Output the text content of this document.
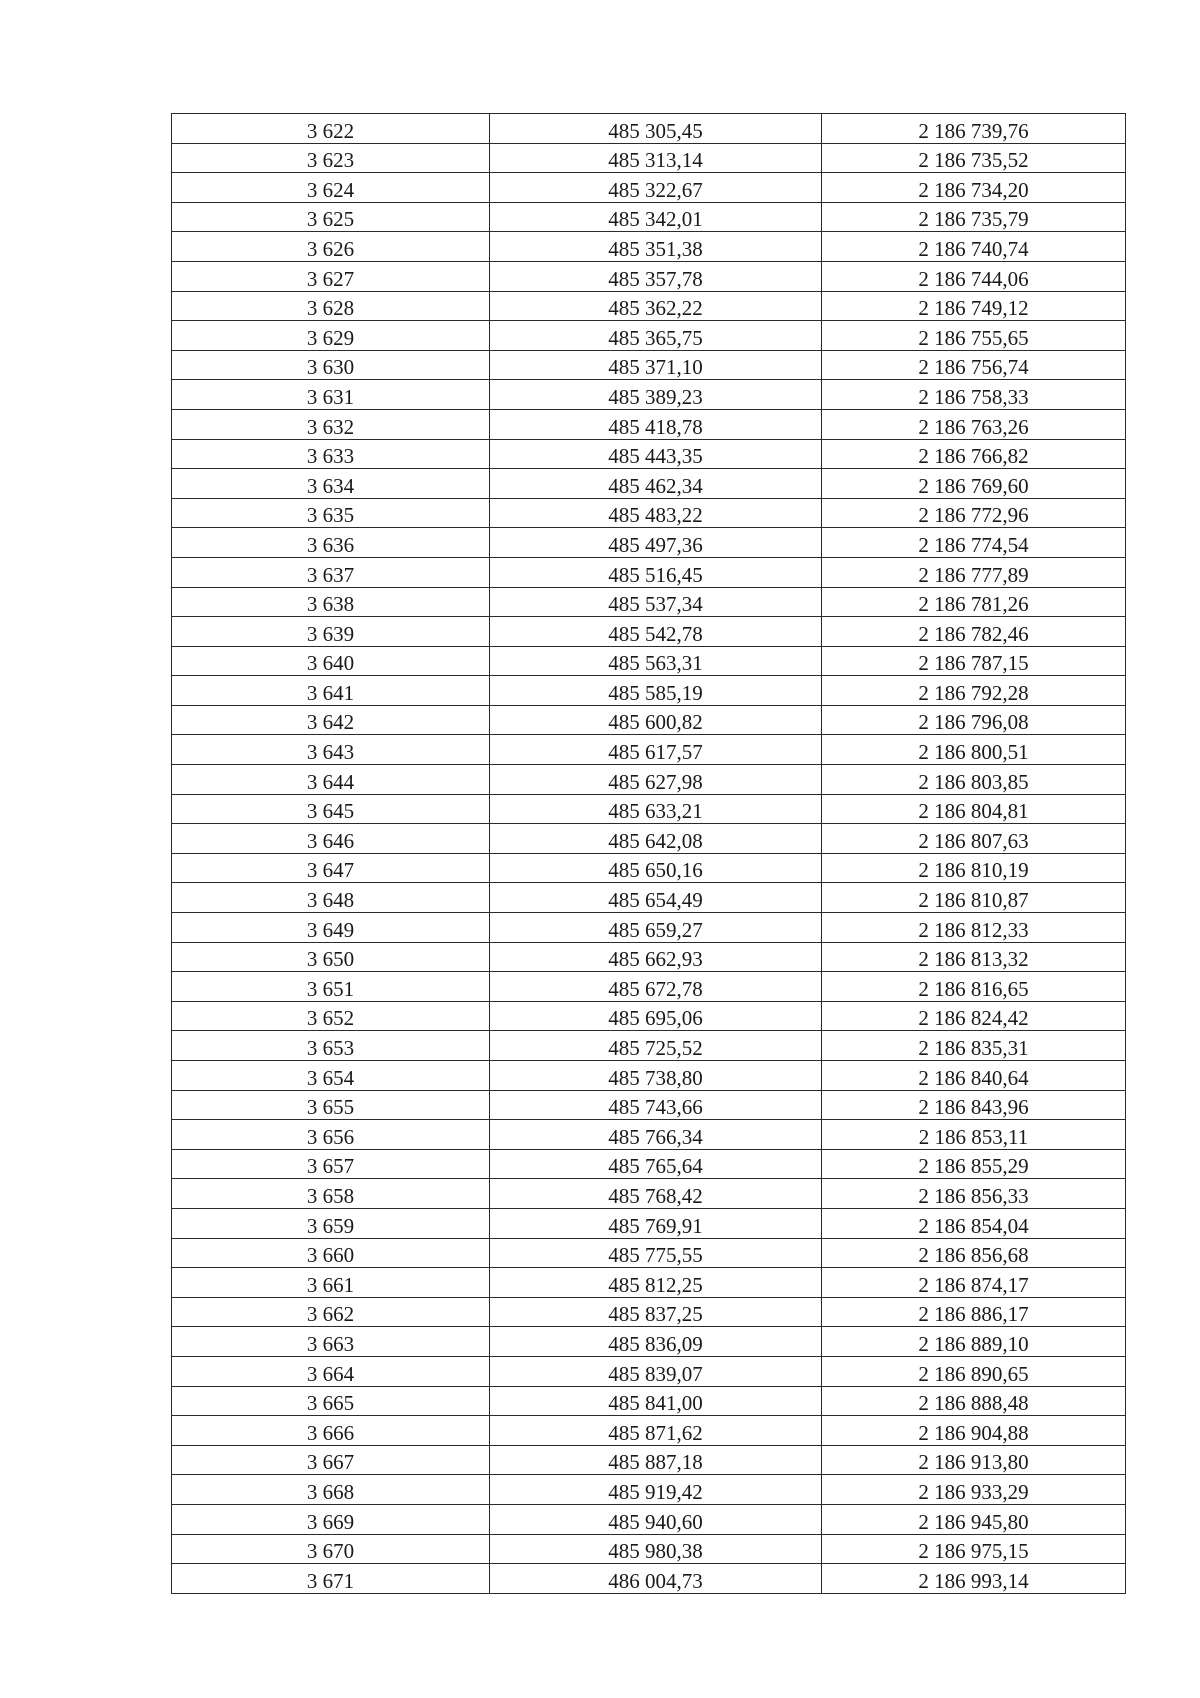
3 622	485 305,45	2 186 739,76
3 623	485 313,14	2 186 735,52
3 624	485 322,67	2 186 734,20
3 625	485 342,01	2 186 735,79
3 626	485 351,38	2 186 740,74
3 627	485 357,78	2 186 744,06
3 628	485 362,22	2 186 749,12
3 629	485 365,75	2 186 755,65
3 630	485 371,10	2 186 756,74
3 631	485 389,23	2 186 758,33
3 632	485 418,78	2 186 763,26
3 633	485 443,35	2 186 766,82
3 634	485 462,34	2 186 769,60
3 635	485 483,22	2 186 772,96
3 636	485 497,36	2 186 774,54
3 637	485 516,45	2 186 777,89
3 638	485 537,34	2 186 781,26
3 639	485 542,78	2 186 782,46
3 640	485 563,31	2 186 787,15
3 641	485 585,19	2 186 792,28
3 642	485 600,82	2 186 796,08
3 643	485 617,57	2 186 800,51
3 644	485 627,98	2 186 803,85
3 645	485 633,21	2 186 804,81
3 646	485 642,08	2 186 807,63
3 647	485 650,16	2 186 810,19
3 648	485 654,49	2 186 810,87
3 649	485 659,27	2 186 812,33
3 650	485 662,93	2 186 813,32
3 651	485 672,78	2 186 816,65
3 652	485 695,06	2 186 824,42
3 653	485 725,52	2 186 835,31
3 654	485 738,80	2 186 840,64
3 655	485 743,66	2 186 843,96
3 656	485 766,34	2 186 853,11
3 657	485 765,64	2 186 855,29
3 658	485 768,42	2 186 856,33
3 659	485 769,91	2 186 854,04
3 660	485 775,55	2 186 856,68
3 661	485 812,25	2 186 874,17
3 662	485 837,25	2 186 886,17
3 663	485 836,09	2 186 889,10
3 664	485 839,07	2 186 890,65
3 665	485 841,00	2 186 888,48
3 666	485 871,62	2 186 904,88
3 667	485 887,18	2 186 913,80
3 668	485 919,42	2 186 933,29
3 669	485 940,60	2 186 945,80
3 670	485 980,38	2 186 975,15
3 671	486 004,73	2 186 993,14
